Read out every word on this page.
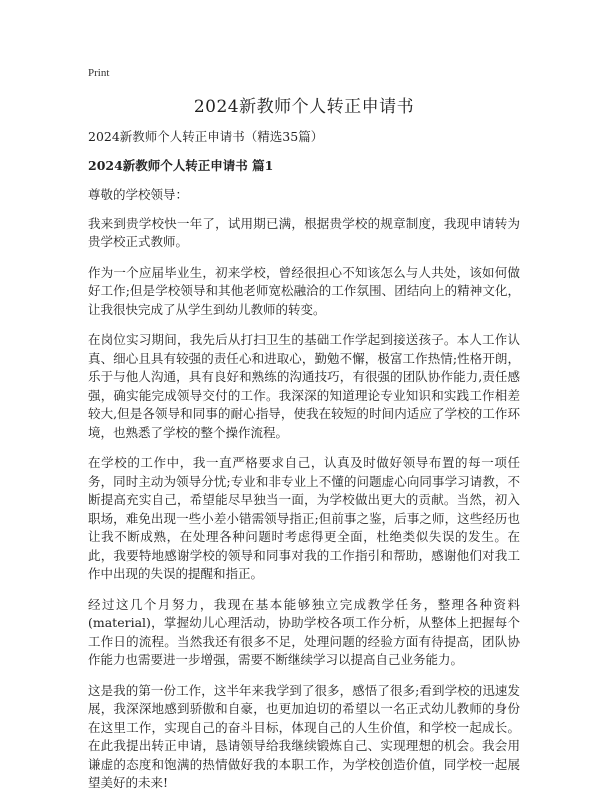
Print
2024新教师个人转正申请书
2024新教师个人转正申请书（精选35篇）
2024新教师个人转正申请书 篇1

尊敬的学校领导：

我来到贵学校快一年了，试用期已满，根据贵学校的规章制度，我现申请转为贵学校正式教师。

作为一个应届毕业生，初来学校，曾经很担心不知该怎么与人共处，该如何做好工作;但是学校领导和其他老师宽松融洽的工作氛围、团结向上的精神文化，让我很快完成了从学生到幼儿教师的转变。

在岗位实习期间，我先后从打扫卫生的基础工作学起到接送孩子。本人工作认真、细心且具有较强的责任心和进取心，勤勉不懈，极富工作热情;性格开朗，乐于与他人沟通，具有良好和熟练的沟通技巧，有很强的团队协作能力,责任感强，确实能完成领导交付的工作。我深深的知道理论专业知识和实践工作相差较大,但是各领导和同事的耐心指导，使我在较短的时间内适应了学校的工作环境，也熟悉了学校的整个操作流程。

在学校的工作中，我一直严格要求自己，认真及时做好领导布置的每一项任务，同时主动为领导分忧;专业和非专业上不懂的问题虚心向同事学习请教，不断提高充实自己，希望能尽早独当一面，为学校做出更大的贡献。当然，初入职场，难免出现一些小差小错需领导指正;但前事之鉴，后事之师，这些经历也让我不断成熟，在处理各种问题时考虑得更全面，杜绝类似失误的发生。在此，我要特地感谢学校的领导和同事对我的工作指引和帮助，感谢他们对我工作中出现的失误的提醒和指正。

经过这几个月努力，我现在基本能够独立完成教学任务，整理各种资料(material)，掌握幼儿心理活动，协助学校各项工作分析，从整体上把握每个工作日的流程。当然我还有很多不足，处理问题的经验方面有待提高，团队协作能力也需要进一步增强，需要不断继续学习以提高自己业务能力。

这是我的第一份工作，这半年来我学到了很多，感悟了很多;看到学校的迅速发展，我深深地感到骄傲和自豪，也更加迫切的希望以一名正式幼儿教师的身份在这里工作，实现自己的奋斗目标，体现自己的人生价值，和学校一起成长。在此我提出转正申请，恳请领导给我继续锻炼自己、实现理想的机会。我会用谦虚的态度和饱满的热情做好我的本职工作，为学校创造价值，同学校一起展望美好的未来!
